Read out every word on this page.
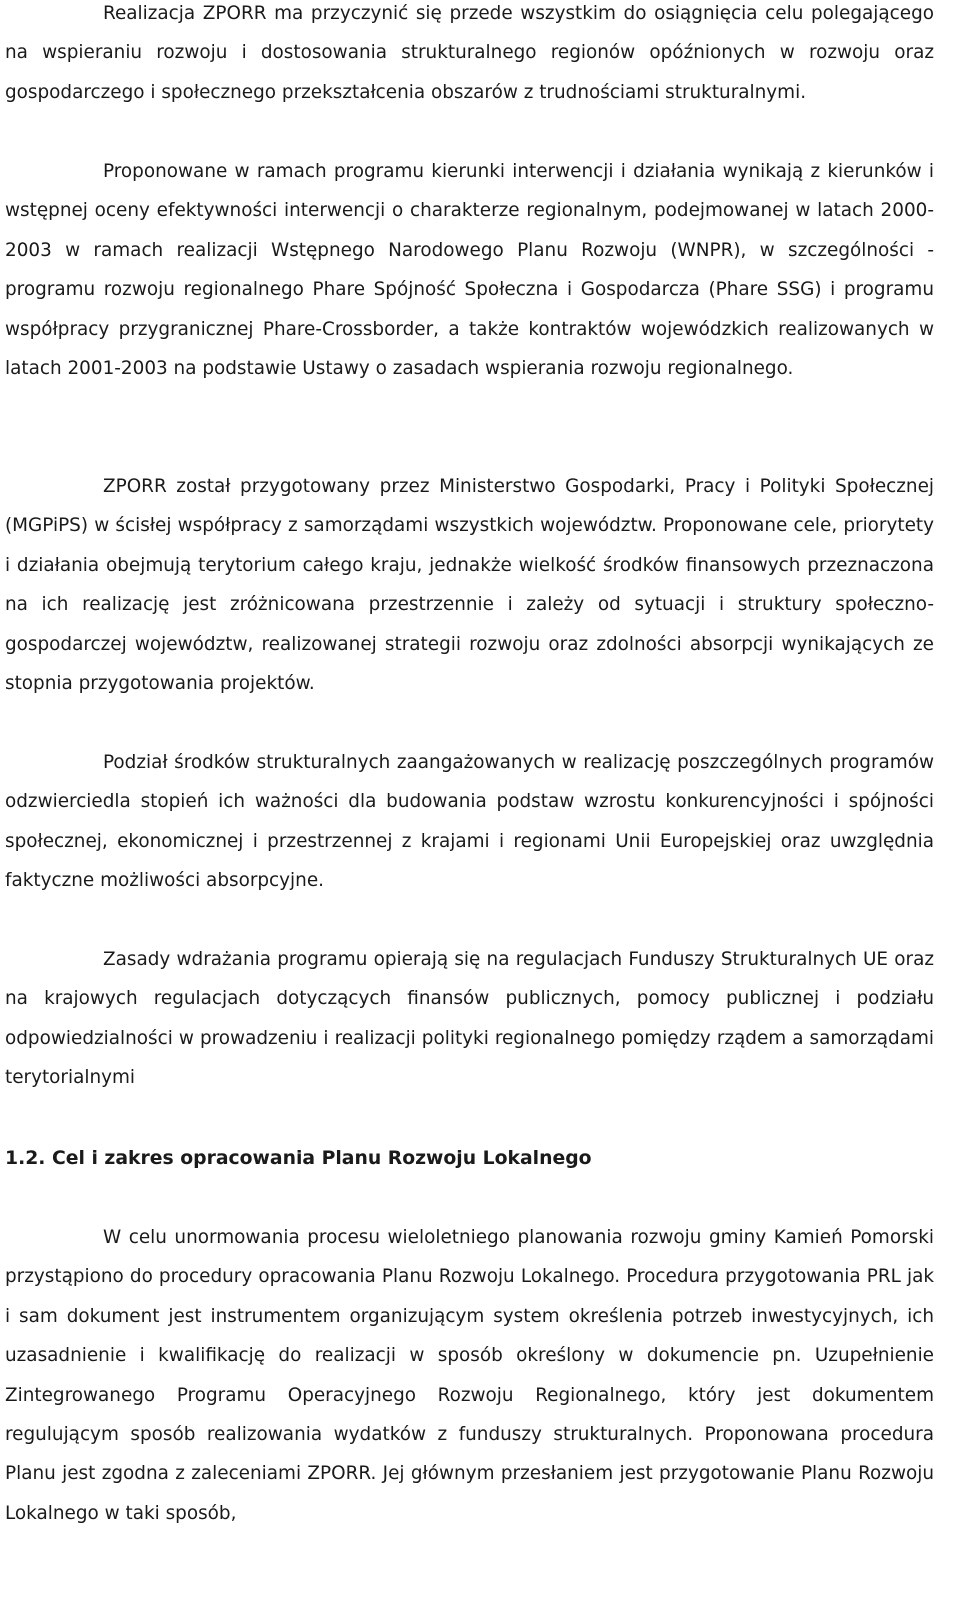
Realizacja ZPORR ma przyczynić się przede wszystkim do osiągnięcia celu polegającego na wspieraniu rozwoju i dostosowania strukturalnego regionów opóźnionych w rozwoju oraz gospodarczego i społecznego przekształcenia obszarów z trudnościami strukturalnymi.

Proponowane w ramach programu kierunki interwencji i działania wynikają z kierunków i wstępnej oceny efektywności interwencji o charakterze regionalnym, podejmowanej w latach 2000-2003 w ramach realizacji Wstępnego Narodowego Planu Rozwoju (WNPR), w szczególności - programu rozwoju regionalnego Phare Spójność Społeczna i Gospodarcza (Phare SSG) i programu współpracy przygranicznej Phare-Crossborder, a także kontraktów wojewódzkich realizowanych w latach 2001-2003 na podstawie Ustawy o zasadach wspierania rozwoju regionalnego.

ZPORR został przygotowany przez Ministerstwo Gospodarki, Pracy i Polityki Społecznej (MGPiPS) w ścisłej współpracy z samorządami wszystkich województw. Proponowane cele, priorytety i działania obejmują terytorium całego kraju, jednakże wielkość środków finansowych przeznaczona na ich realizację jest zróżnicowana przestrzennie i zależy od sytuacji i struktury społeczno-gospodarczej województw, realizowanej strategii rozwoju oraz zdolności absorpcji wynikających ze stopnia przygotowania projektów.

Podział środków strukturalnych zaangażowanych w realizację poszczególnych programów odzwierciedla stopień ich ważności dla budowania podstaw wzrostu konkurencyjności i spójności społecznej, ekonomicznej i przestrzennej z krajami i regionami Unii Europejskiej oraz uwzględnia faktyczne możliwości absorpcyjne.

Zasady wdrażania programu opierają się na regulacjach Funduszy Strukturalnych UE oraz na krajowych regulacjach dotyczących finansów publicznych, pomocy publicznej i podziału odpowiedzialności w prowadzeniu i realizacji polityki regionalnego pomiędzy rządem a samorządami terytorialnymi

1.2. Cel i zakres opracowania Planu Rozwoju Lokalnego

W celu unormowania procesu wieloletniego planowania rozwoju gminy Kamień Pomorski przystąpiono do procedury opracowania Planu Rozwoju Lokalnego. Procedura przygotowania PRL jak i sam dokument jest instrumentem organizującym system określenia potrzeb inwestycyjnych, ich uzasadnienie i kwalifikację do realizacji w sposób określony w dokumencie pn. Uzupełnienie Zintegrowanego Programu Operacyjnego Rozwoju Regionalnego, który jest dokumentem regulującym sposób realizowania wydatków z funduszy strukturalnych. Proponowana procedura Planu jest zgodna z zaleceniami ZPORR. Jej głównym przesłaniem jest przygotowanie Planu Rozwoju Lokalnego w taki sposób,
